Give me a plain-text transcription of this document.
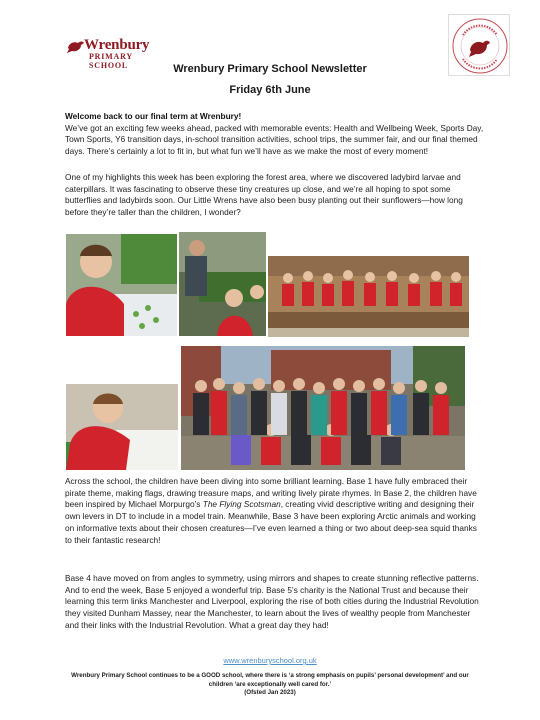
Wrenbury
PRIMARY SCHOOL	Wrenbury Primary School Newsletter
Friday 6th June
Welcome back to our final term at Wrenbury!
We’ve got an exciting few weeks ahead, packed with memorable events: Health and Wellbeing Week, Sports Day, Town Sports, Y6 transition days, in-school transition activities, school trips, the summer fair, and our final themed days. There’s certainly a lot to fit in, but what fun we’ll have as we make the most of every moment!
One of my highlights this week has been exploring the forest area, where we discovered ladybird larvae and caterpillars. It was fascinating to observe these tiny creatures up close, and we’re all hoping to spot some butterflies and ladybirds soon. Our Little Wrens have also been busy planting out their sunflowers—how long before they’re taller than the children, I wonder?
Across the school, the children have been diving into some brilliant learning. Base 1 have fully embraced their pirate theme, making flags, drawing treasure maps, and writing lively pirate rhymes. In Base 2, the children have been inspired by Michael Morpurgo’s The Flying Scotsman, creating vivid descriptive writing and designing their own levers in DT to include in a model train. Meanwhile, Base 3 have been exploring Arctic animals and working on informative texts about their chosen creatures—I’ve even learned a thing or two about deep-sea squid thanks to their fantastic research!
Base 4 have moved on from angles to symmetry, using mirrors and shapes to create stunning reflective patterns. And to end the week, Base 5 enjoyed a wonderful trip. Base 5’s charity is the National Trust and because their learning this term links Manchester and Liverpool, exploring the rise of both cities during the Industrial Revolution they visited Dunham Massey, near the Manchester, to learn about the lives of wealthy people from Manchester and their links with the Industrial Revolution. What a great day they had!
www.wrenburyschool.org.uk
Wrenbury Primary School continues to be a GOOD school, where there is ‘a strong emphasis on pupils’ personal development’ and our children ‘are exceptionally well cared for.’
(Ofsted Jan 2023)
